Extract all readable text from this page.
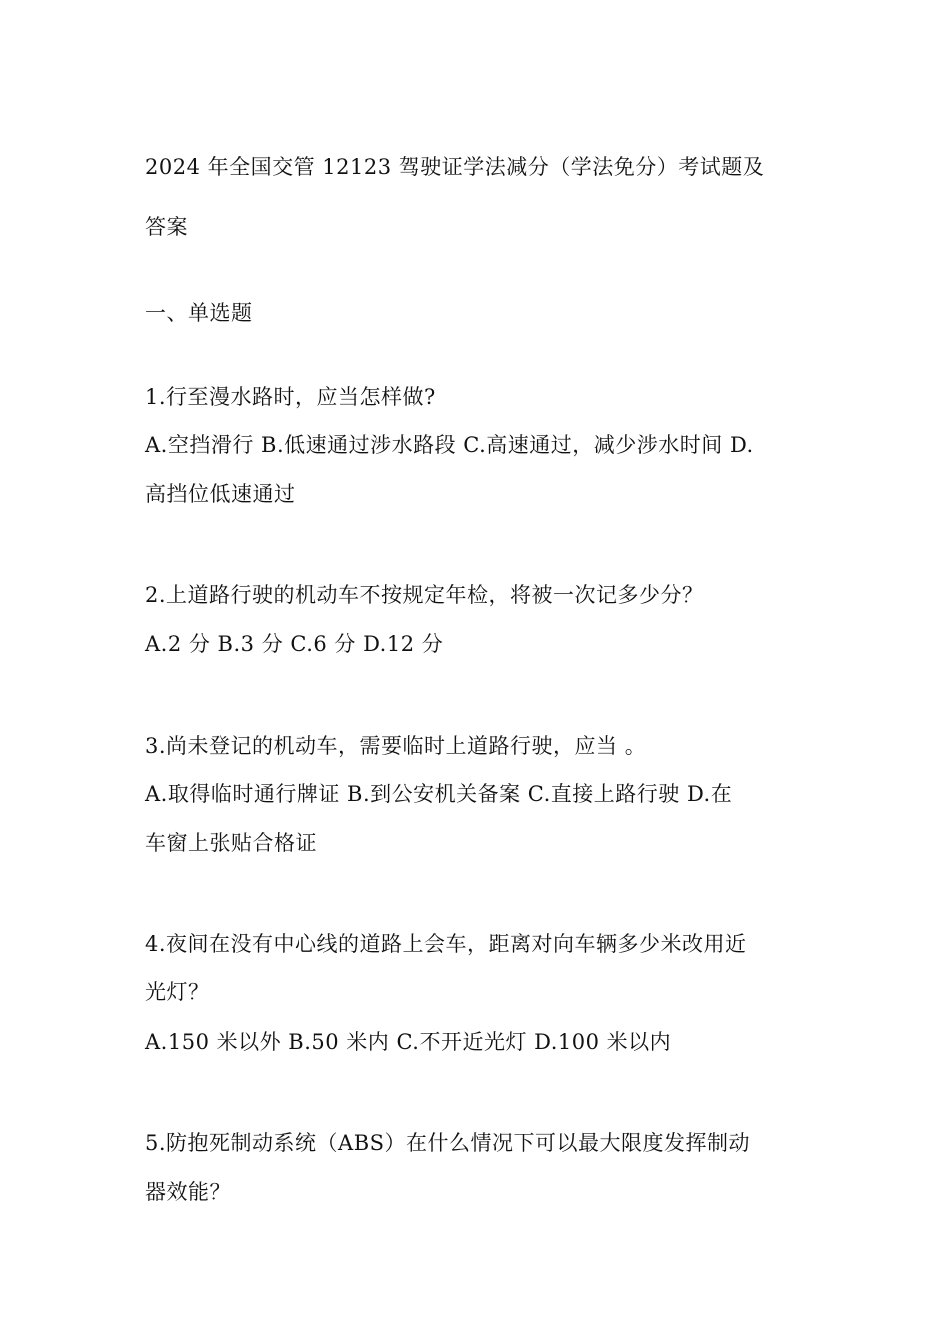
2024 年全国交管 12123 驾驶证学法减分（学法免分）考试题及
答案
一、单选题
1.行至漫水路时，应当怎样做?
A.空挡滑行 B.低速通过涉水路段 C.高速通过，减少涉水时间 D.
高挡位低速通过
2.上道路行驶的机动车不按规定年检，将被一次记多少分？
A.2 分 B.3 分 C.6 分 D.12 分
3.尚未登记的机动车，需要临时上道路行驶，应当 。
A.取得临时通行牌证 B.到公安机关备案 C.直接上路行驶 D.在
车窗上张贴合格证
4.夜间在没有中心线的道路上会车，距离对向车辆多少米改用近
光灯？
A.150 米以外 B.50 米内 C.不开近光灯 D.100 米以内
5.防抱死制动系统（ABS）在什么情况下可以最大限度发挥制动
器效能？
